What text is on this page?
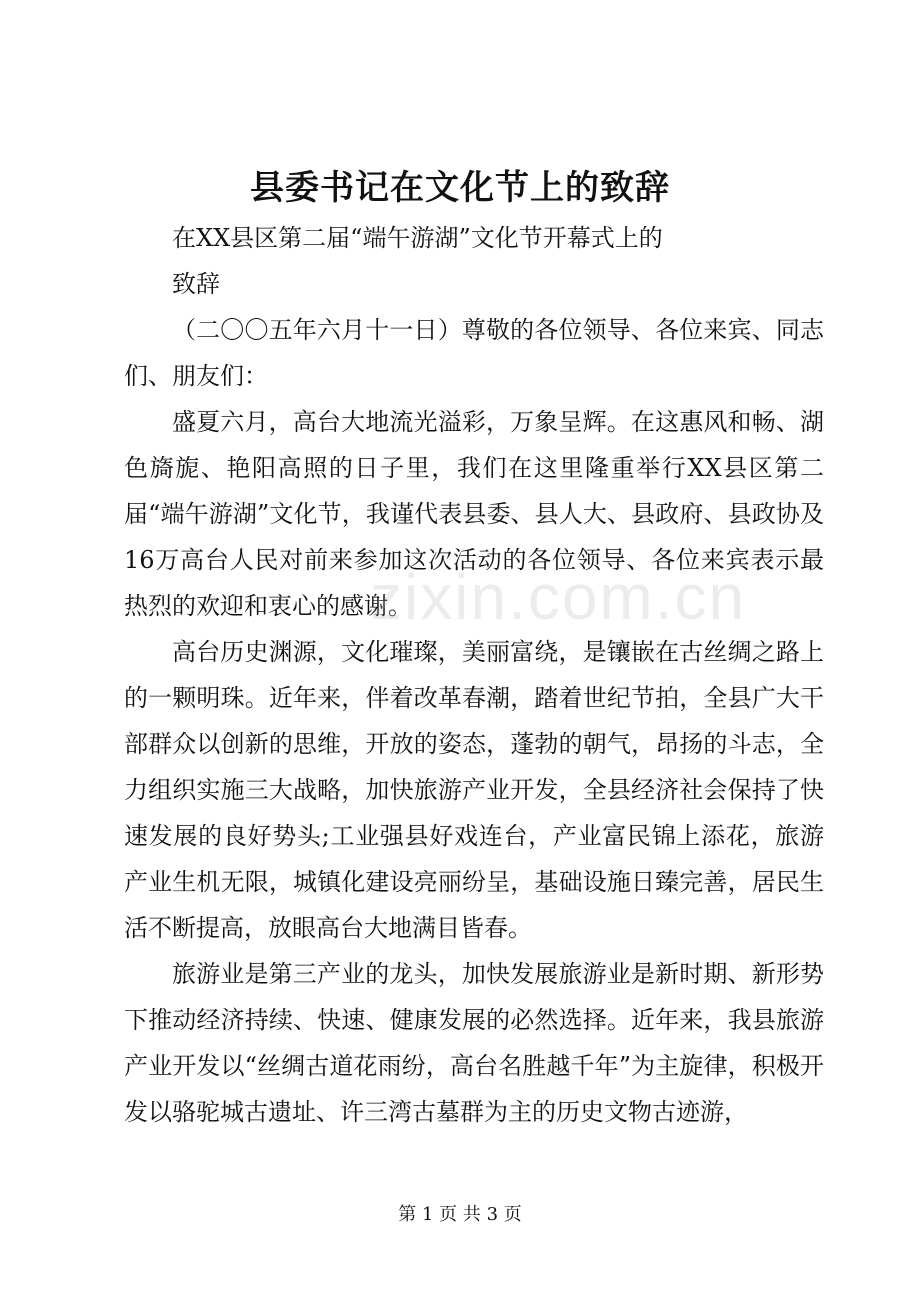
县委书记在文化节上的致辞

在XX县区第二届“端午游湖”文化节开幕式上的

致辞

（二〇〇五年六月十一日）尊敬的各位领导、各位来宾、同志们、朋友们：

盛夏六月，高台大地流光溢彩，万象呈辉。在这惠风和畅、湖色旖旎、艳阳高照的日子里，我们在这里隆重举行XX县区第二届“端午游湖”文化节，我谨代表县委、县人大、县政府、县政协及16万高台人民对前来参加这次活动的各位领导、各位来宾表示最热烈的欢迎和衷心的感谢。

高台历史渊源，文化璀璨，美丽富绕，是镶嵌在古丝绸之路上的一颗明珠。近年来，伴着改革春潮，踏着世纪节拍，全县广大干部群众以创新的思维，开放的姿态，蓬勃的朝气，昂扬的斗志，全力组织实施三大战略，加快旅游产业开发，全县经济社会保持了快速发展的良好势头;工业强县好戏连台，产业富民锦上添花，旅游产业生机无限，城镇化建设亮丽纷呈，基础设施日臻完善，居民生活不断提高，放眼高台大地满目皆春。

旅游业是第三产业的龙头，加快发展旅游业是新时期、新形势下推动经济持续、快速、健康发展的必然选择。近年来，我县旅游产业开发以“丝绸古道花雨纷，高台名胜越千年”为主旋律，积极开发以骆驼城古遗址、许三湾古墓群为主的历史文物古迹游，

zixin.com.cn
第 1 页 共 3 页
